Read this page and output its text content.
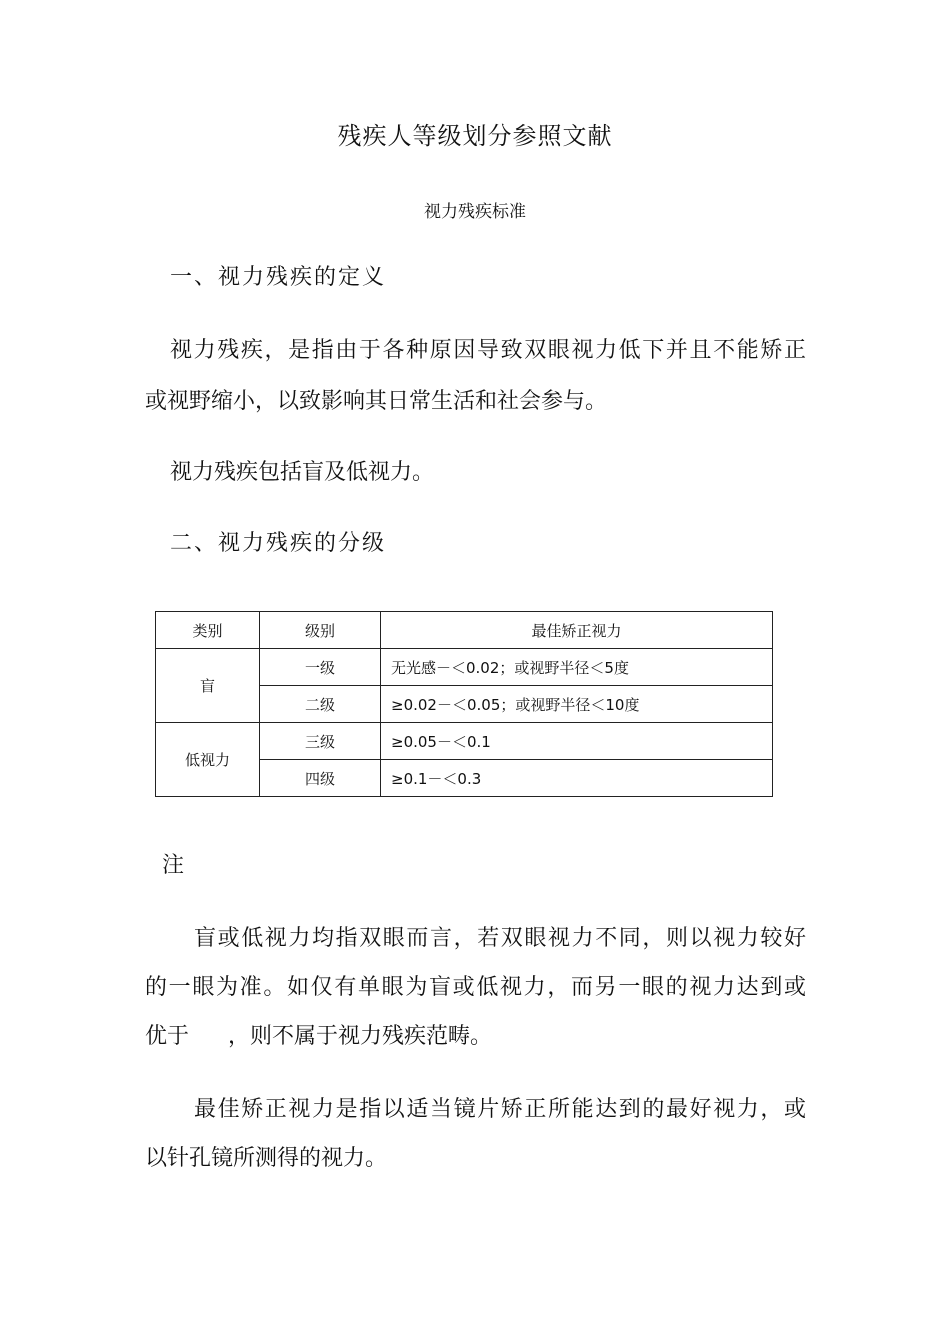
残疾人等级划分参照文献
视力残疾标准
一、视力残疾的定义
视力残疾，是指由于各种原因导致双眼视力低下并且不能矫正
或视野缩小，以致影响其日常生活和社会参与。
视力残疾包括盲及低视力。
二、视力残疾的分级
类别	级别	最佳矫正视力
盲	一级	无光感－＜0.02；或视野半径＜5度
	二级	≥0.02－＜0.05；或视野半径＜10度
低视力	三级	≥0.05－＜0.1
	四级	≥0.1－＜0.3
注
盲或低视力均指双眼而言，若双眼视力不同，则以视力较好
的一眼为准。如仅有单眼为盲或低视力，而另一眼的视力达到或
优于 ，则不属于视力残疾范畴。
最佳矫正视力是指以适当镜片矫正所能达到的最好视力，或
以针孔镜所测得的视力。
